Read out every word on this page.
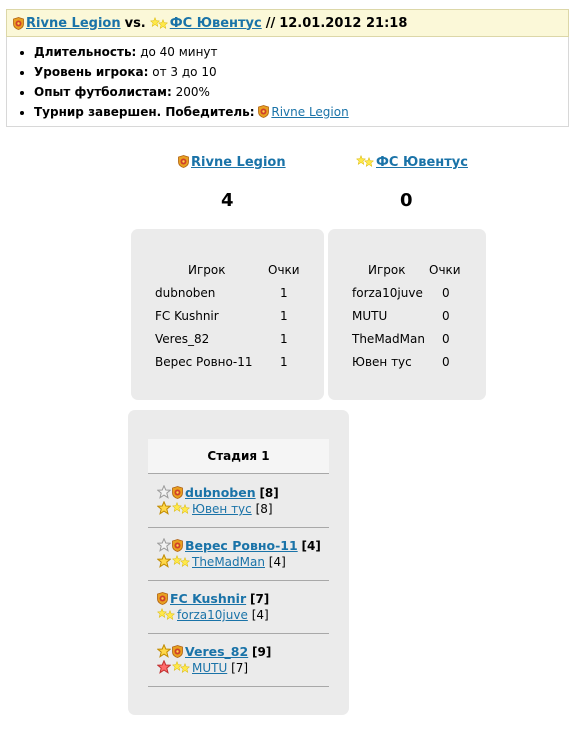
Rivne Legion vs. ФС Ювентус // 12.01.2012 21:18
• Длительность: до 40 минут
• Уровень игрока: от 3 до 10
• Опыт футболистам: 200%
• Турнир завершен. Победитель: Rivne Legion
Rivne Legion	ФС Ювентус
4	0
Игрок	Очки
dubnoben	1
FC Kushnir	1
Veres_82	1
Верес Ровно-11 1
Игрок Очки
forza10juve 0
MUTU	0
TheMadMan 0
Ювен тус	0
Стадия 1
dubnoben [8]
Ювен тус [8]
Верес Ровно-11 [4]
TheMadMan [4]
FC Kushnir [7]
forza10juve [4]
Veres_82 [9]
MUTU [7]
